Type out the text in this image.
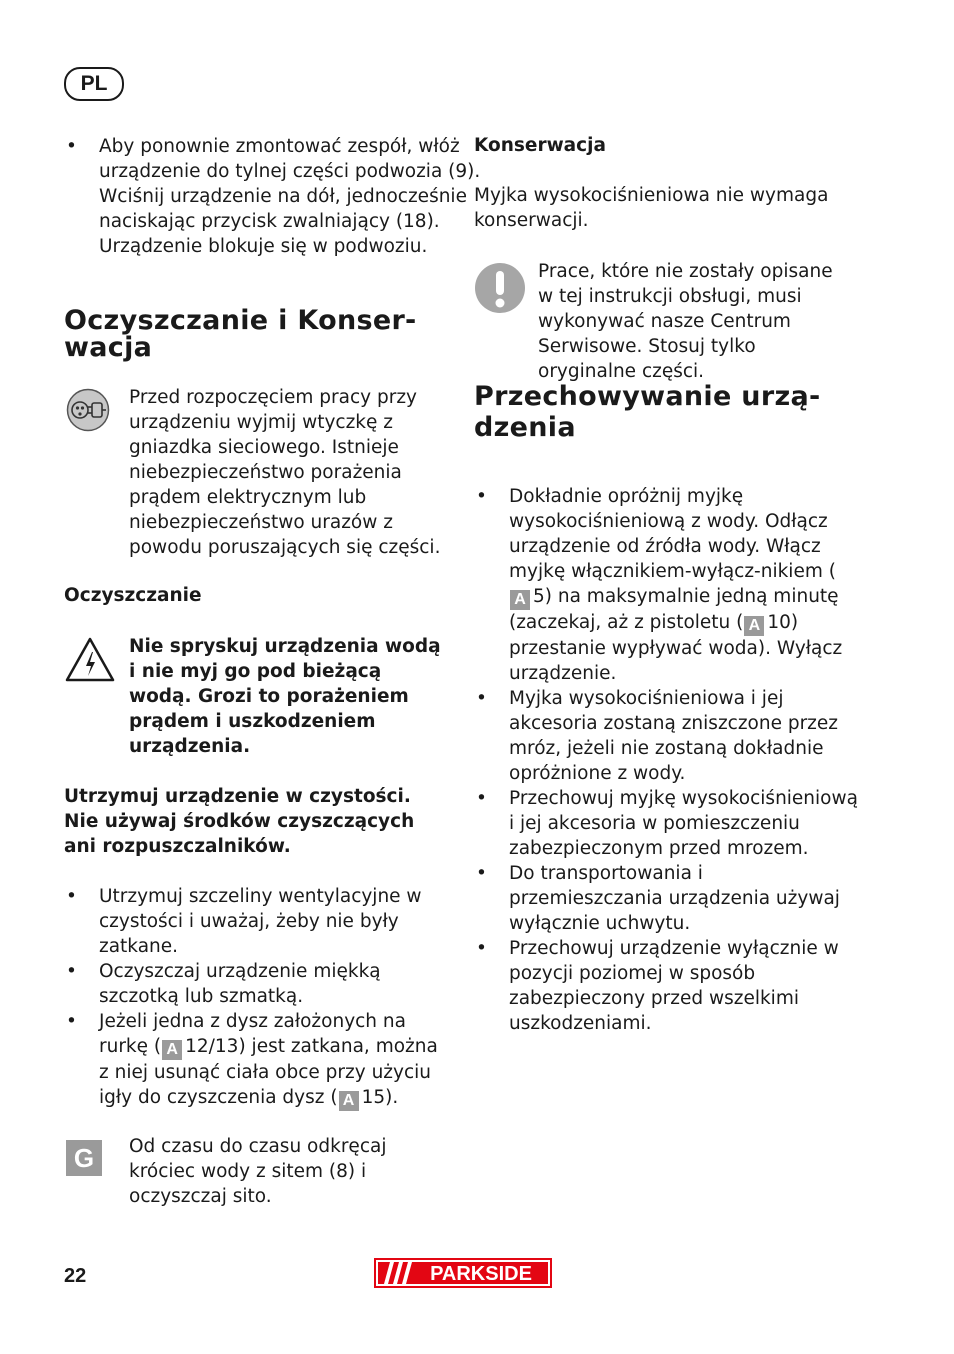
PL
• Aby ponownie zmontować zespół, włóż urządzenie do tylnej części podwozia (9). Wciśnij urządzenie na dół, jednocześnie naciskając przycisk zwalniający (18). Urządzenie blokuje się w podwoziu.
Oczyszczanie i Konser-
wacja
Przed rozpoczęciem pracy przy urządzeniu wyjmij wtyczkę z gniazdka sieciowego. Istnieje niebezpieczeństwo porażenia prądem elektrycznym lub niebezpieczeństwo urazów z powodu poruszających się części.
Oczyszczanie
Nie spryskuj urządzenia wodą i nie myj go pod bieżącą wodą. Grozi to porażeniem prądem i uszkodzeniem urządzenia.
Utrzymuj urządzenie w czystości. Nie używaj środków czyszczących ani rozpuszczalników.
• Utrzymuj szczeliny wentylacyjne w czystości i uważaj, żeby nie były zatkane.
• Oczyszczaj urządzenie miękką szczotką lub szmatką.
• Jeżeli jedna z dysz założonych na rurkę ( A 12/13) jest zatkana, można z niej usunąć ciała obce przy użyciu igły do czyszczenia dysz ( A 15).
G	Od czasu do czasu odkręcaj króciec wody z sitem (8) i oczyszczaj sito.
Konserwacja
Myjka wysokociśnieniowa nie wymaga konserwacji.
Prace, które nie zostały opisane w tej instrukcji obsługi, musi wykonywać nasze Centrum Serwisowe. Stosuj tylko oryginalne części.
Przechowywanie urzą-
dzenia
• Dokładnie opróżnij myjkę wysokociśnieniową z wody. Odłącz urządzenie od źródła wody. Włącz myjkę włącznikiem-wyłącz-nikiem (A 5) na maksymalnie jedną minutę (zaczekaj, aż z pistoletu ( A 10) przestanie wypływać woda). Wyłącz urządzenie.
• Myjka wysokociśnieniowa i jej akcesoria zostaną zniszczone przez mróz, jeżeli nie zostaną dokładnie opróżnione z wody.
• Przechowuj myjkę wysokociśnieniową i jej akcesoria w pomieszczeniu zabezpieczonym przed mrozem.
• Do transportowania i przemieszczania urządzenia używaj wyłącznie uchwytu.
• Przechowuj urządzenie wyłącznie w pozycji poziomej w sposób zabezpieczony przed wszelkimi uszkodzeniami.
22	PARKSIDE
